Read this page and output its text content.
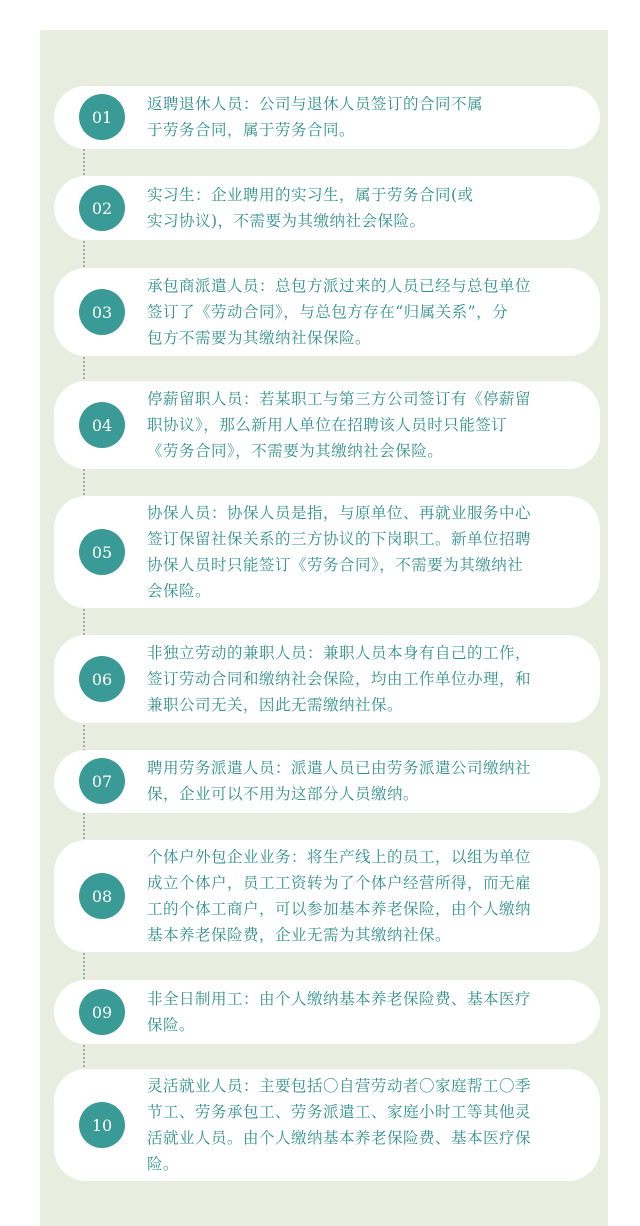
01
返聘退休人员：公司与退休人员签订的合同不属
于劳务合同，属于劳务合同。
02
实习生：企业聘用的实习生，属于劳务合同(或
实习协议)，不需要为其缴纳社会保险。
03
承包商派遣人员：总包方派过来的人员已经与总包单位
签订了《劳动合同》，与总包方存在“归属关系”，分
包方不需要为其缴纳社保保险。
04
停薪留职人员：若某职工与第三方公司签订有《停薪留
职协议》，那么新用人单位在招聘该人员时只能签订
《劳务合同》，不需要为其缴纳社会保险。
05
协保人员：协保人员是指，与原单位、再就业服务中心
签订保留社保关系的三方协议的下岗职工。新单位招聘
协保人员时只能签订《劳务合同》，不需要为其缴纳社
会保险。
06
非独立劳动的兼职人员：兼职人员本身有自己的工作，
签订劳动合同和缴纳社会保险，均由工作单位办理，和
兼职公司无关，因此无需缴纳社保。
07
聘用劳务派遣人员：派遣人员已由劳务派遣公司缴纳社
保，企业可以不用为这部分人员缴纳。
08
个体户外包企业业务：将生产线上的员工，以组为单位
成立个体户，员工工资转为了个体户经营所得，而无雇
工的个体工商户，可以参加基本养老保险，由个人缴纳
基本养老保险费，企业无需为其缴纳社保。
09
非全日制用工：由个人缴纳基本养老保险费、基本医疗
保险。
10
灵活就业人员：主要包括〇自营劳动者〇家庭帮工〇季
节工、劳务承包工、劳务派遣工、家庭小时工等其他灵
活就业人员。由个人缴纳基本养老保险费、基本医疗保
险。
